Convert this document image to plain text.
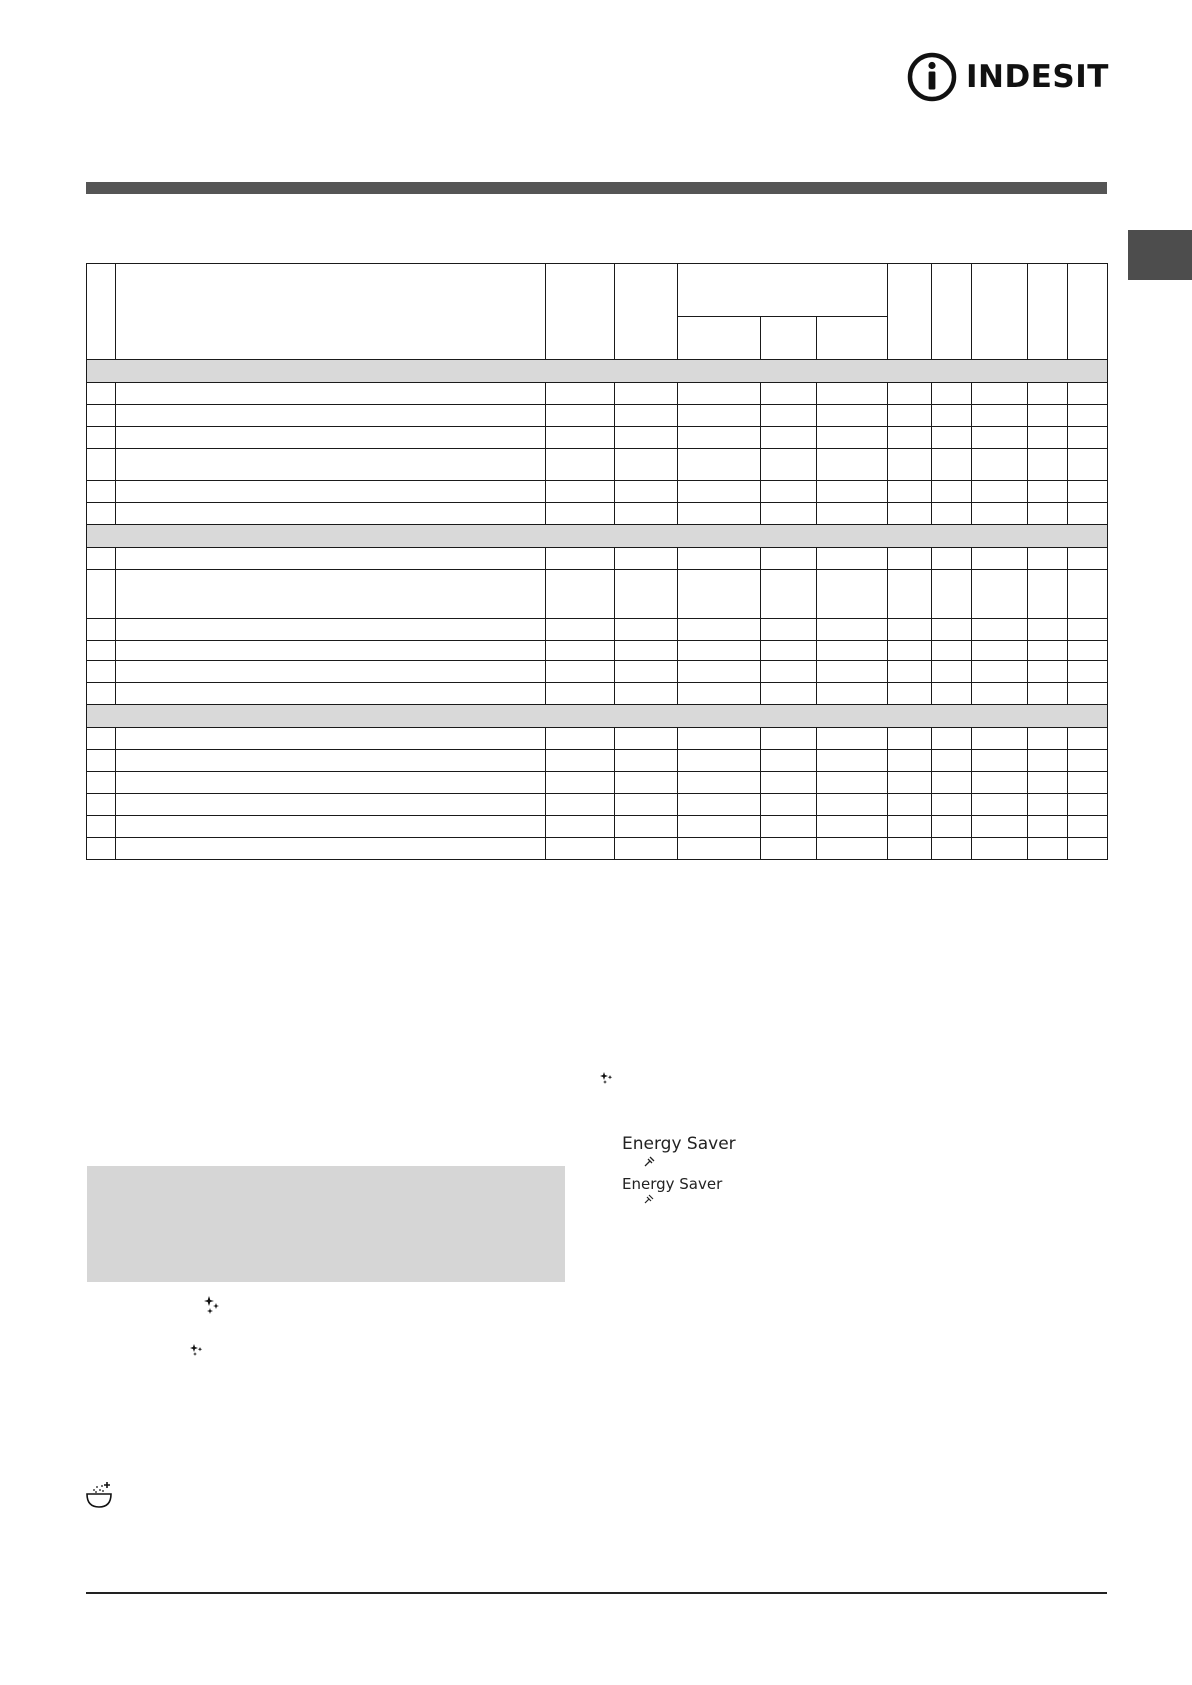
INDESIT

Energy Saver
Energy Saver
